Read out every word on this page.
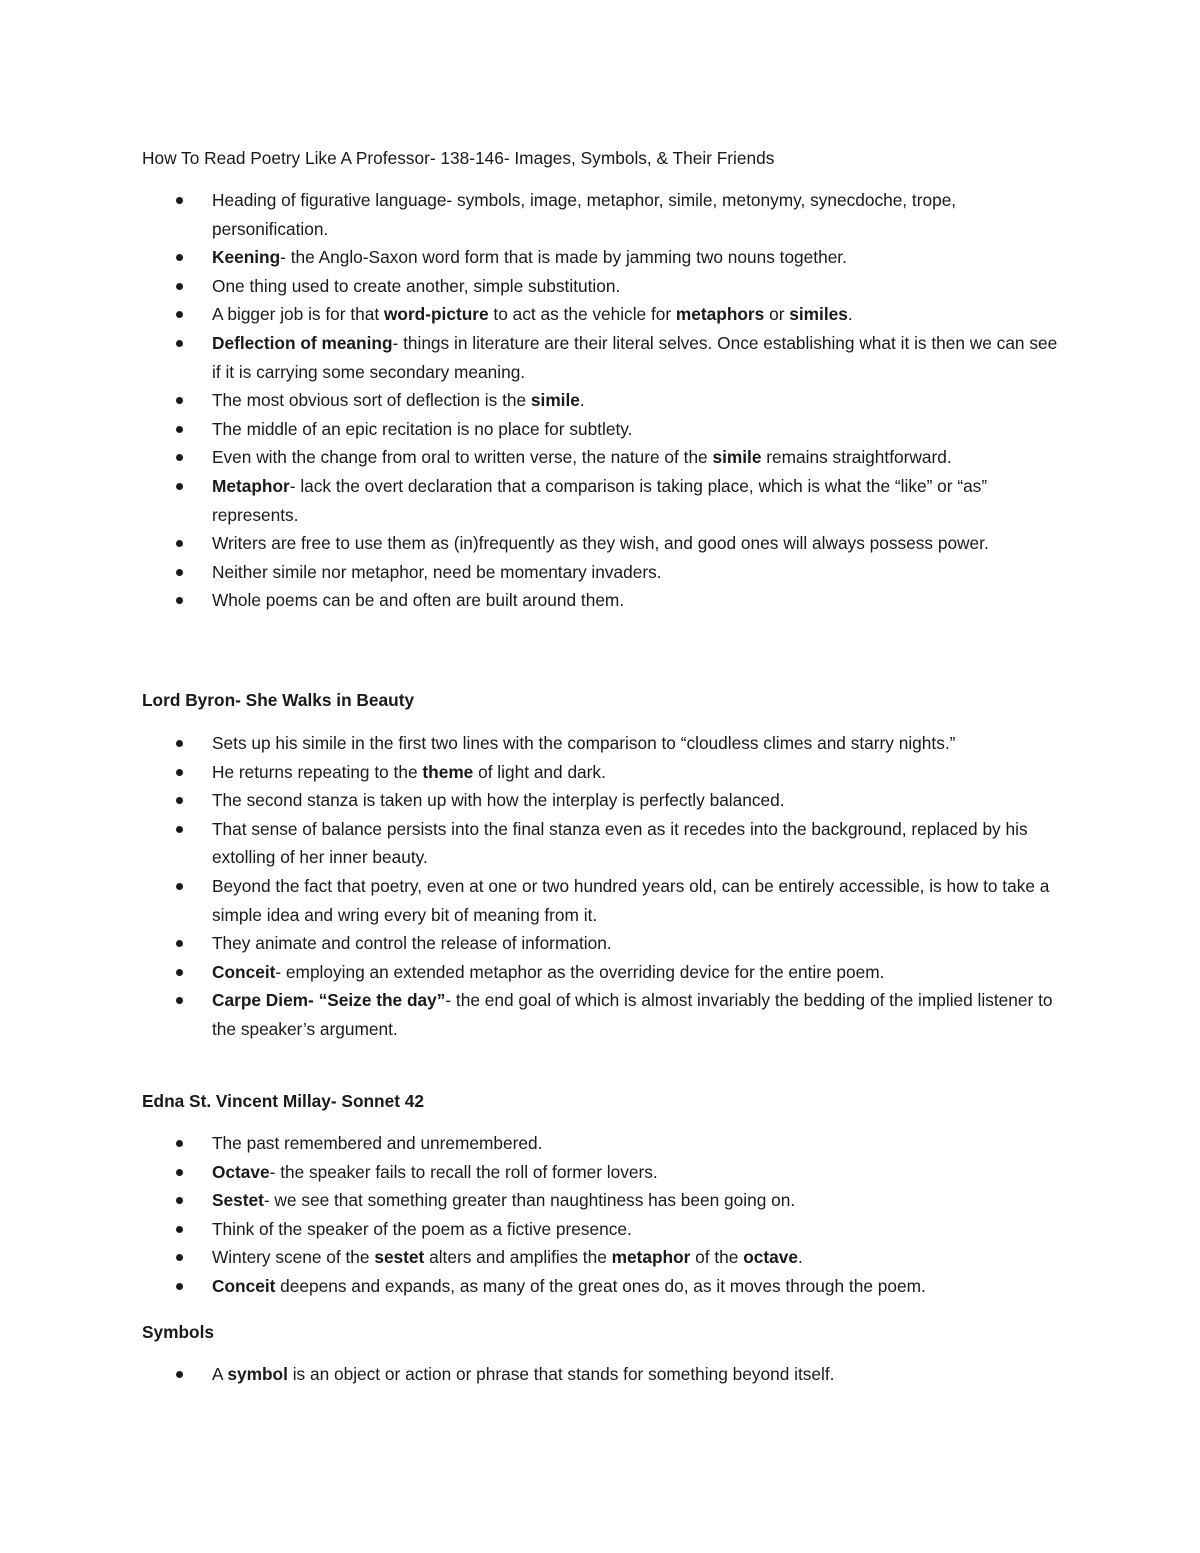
How To Read Poetry Like A Professor- 138-146- Images, Symbols, & Their Friends
Heading of figurative language- symbols, image, metaphor, simile, metonymy, synecdoche, trope, personification.
Keening- the Anglo-Saxon word form that is made by jamming two nouns together.
One thing used to create another, simple substitution.
A bigger job is for that word-picture to act as the vehicle for metaphors or similes.
Deflection of meaning- things in literature are their literal selves. Once establishing what it is then we can see if it is carrying some secondary meaning.
The most obvious sort of deflection is the simile.
The middle of an epic recitation is no place for subtlety.
Even with the change from oral to written verse, the nature of the simile remains straightforward.
Metaphor- lack the overt declaration that a comparison is taking place, which is what the “like” or “as” represents.
Writers are free to use them as (in)frequently as they wish, and good ones will always possess power.
Neither simile nor metaphor, need be momentary invaders.
Whole poems can be and often are built around them.
Lord Byron- She Walks in Beauty
Sets up his simile in the first two lines with the comparison to “cloudless climes and starry nights.”
He returns repeating to the theme of light and dark.
The second stanza is taken up with how the interplay is perfectly balanced.
That sense of balance persists into the final stanza even as it recedes into the background, replaced by his extolling of her inner beauty.
Beyond the fact that poetry, even at one or two hundred years old, can be entirely accessible, is how to take a simple idea and wring every bit of meaning from it.
They animate and control the release of information.
Conceit- employing an extended metaphor as the overriding device for the entire poem.
Carpe Diem- “Seize the day”- the end goal of which is almost invariably the bedding of the implied listener to the speaker’s argument.
Edna St. Vincent Millay- Sonnet 42
The past remembered and unremembered.
Octave- the speaker fails to recall the roll of former lovers.
Sestet- we see that something greater than naughtiness has been going on.
Think of the speaker of the poem as a fictive presence.
Wintery scene of the sestet alters and amplifies the metaphor of the octave.
Conceit deepens and expands, as many of the great ones do, as it moves through the poem.
Symbols
A symbol is an object or action or phrase that stands for something beyond itself.
